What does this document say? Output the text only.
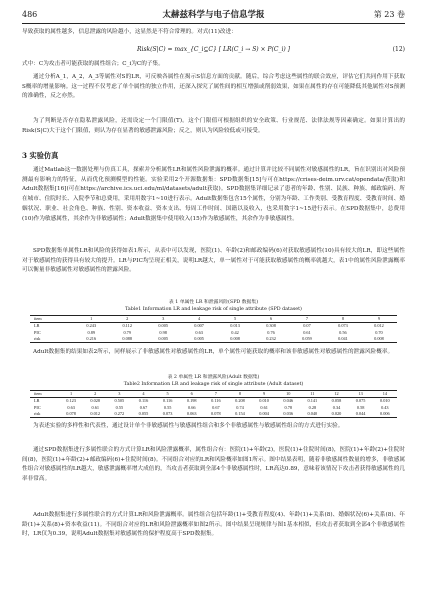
486	太赫兹科学与电子信息学报	第 23 卷
导致获取的属性越多，信息泄露的风险越小，这显然是不符合常理的。对式(11)改进：
Risk(S|C) = max_{C_i⊆C} [ LR(C_i → S) × P(C_i) ]	(12)
式中：C为攻击者可能获取的属性组合；C_i为C的子集。
通过分析A_1，A_2，A_3等属性对S的LR，可反映各属性在揭示S信息方面的贡献。随后，综合考虑这些属性的联合效应，评估它们共同作用下获取S概率的增量影响。这一过程不仅考虑了单个属性的独立作用，还深入探究了属性间的相互增强或削弱效果，如果在属性的存在可能降低其他属性对S预测的准确性，反之亦然。
为了判断是否存在隐私泄露风险，还需设定一个门限值(T)。这个门限值可根据组织的安全政策、行业规范、法律法规等因素确定。如果计算出的Risk(S|C)大于这个门限值，则认为存在显著的敏感泄露风险；反之，则认为风险较低或可接受。
3 实验仿真
通过Matlab这一数据处理与仿真工具，探索并分析属性LR和属性风险泄露的概率。通过计算并比较不同属性对敏感属性的LR，旨在识别出对风险预测最有影响力的特征，从而优化预测模型的性能。实验采用2个开源数据集：SPD数据集[15]与可在https://crises-deim.urv.cat/opendata/获取)和Adult数据集[16](可在https://archive.ics.uci.edu/ml/datasets/adult获取)。SPD数据集详细记录了患者的年龄、性别、民族、种族、邮政编码、所在城市、住院时长、入院季节和总费用，采用用数字1~10进行表示。Adult数据集包含15个属性，分别为年龄、工作类别、受教育程度、受教育时间、婚姻状况、职业、社会角色、种族、性别、资本收益、资本支出、每周工作时间、国籍以及收入，也采用数字1~15进行表示。在SPD数据集中，总费用(10)作为敏感属性，其余作为非敏感属性；Adult数据集中使用收入(15)作为敏感属性，其余作为非敏感属性。
SPD数据集单属性LR和风险的获得如表1所示，从表中可以发现，医院(1)、年龄(2)和邮政编码(6)对获取敏感属性(10)具有较大的LR，即这些属性对于敏感属性的获得具有较大的提升。LR与PIC均呈现正相关，说明LR越大，单一属性对于可能获取敏感属性的概率就越大，表1中的属性风险泄露概率可以衡量非敏感属性对敏感属性的泄露风险。
表 1 单属性 LR 和泄露风险(SPD 数据集)
Table1 Information LR and leakage risk of single attribute (SPD dataset)
item	1	2	3	4	5	6	7	8	9
LR	0.243	0.112	0.005	0.007	0.013	0.308	0.07	0.073	0.012
PIC	0.89	0.79	0.98	0.63	0.42	0.76	0.61	0.56	0.70
risk	0.216	0.088	0.005	0.005	0.008	0.232	0.059	0.041	0.008
Adult数据集的结果如表2所示，同样展示了非敏感属性对敏感属性的LR，单个属性可能获取的概率和该非敏感属性对敏感属性的泄露风险概率。
表 2 单属性 LR 和泄露风险(Adult 数据集)
Table2 Information LR and leakage risk of single attribute (Adult dataset)
item	1	2	3	4	5	6	7	8	9	10	11	12	13	14
LR	0.123	0.028	0.505	0.116	0.116	0.198	0.116	0.208	0.010	0.046	0.141	0.058	0.075	0.010
PIC	0.63	0.61	0.55	0.67	0.55	0.66	0.67	0.74	0.61	0.78	0.28	0.34	0.58	0.43
risk	0.078	0.012	0.272	0.055	0.073	0.063	0.078	0.154	0.004	0.036	0.040	0.020	0.044	0.006
为表述实验的多样性和代表性，通过设计单个非敏感属性与敏感属性组合和多个非敏感属性与敏感属性组合的方式进行实验。
通过SPD数据集进行多属性联合的方式计算LR和风险泄露概率，属性组合有：医院(1)+年龄(2)，医院(1)+住院时间(8)，医院(1)+年龄(2)+住院时间(8)，医院(1)+年龄(2)+邮政编码(6)+住院时间(8)。不同组合对应的LR和风险概率如图1所示。图中结果表明，随着非敏感属性数量的增多，非敏感属性组合对敏感属性的LR越大，敏感泄露概率增大成倍的，当攻击者获取到全部4个非敏感属性时，LR高达0.89，意味着该情况下攻击者获得敏感属性的几率非常高。
Adult数据集进行多属性联合的方式计算LR和风险泄露概率。属性组合包括年龄(1)+受教育程度(4)、年龄(1)+关系(8)、婚姻状况(6)+关系(8)、年龄(1)+关系(8)+资本收益(11)。不同组合对应的LR和风险泄露概率如图2所示。图中结果呈现规律与图1基本相似，但攻击者获取到全部4个非敏感属性时，LR仅为0.39，说明Adult数据集对敏感属性的保护程度高于SPD数据集。
